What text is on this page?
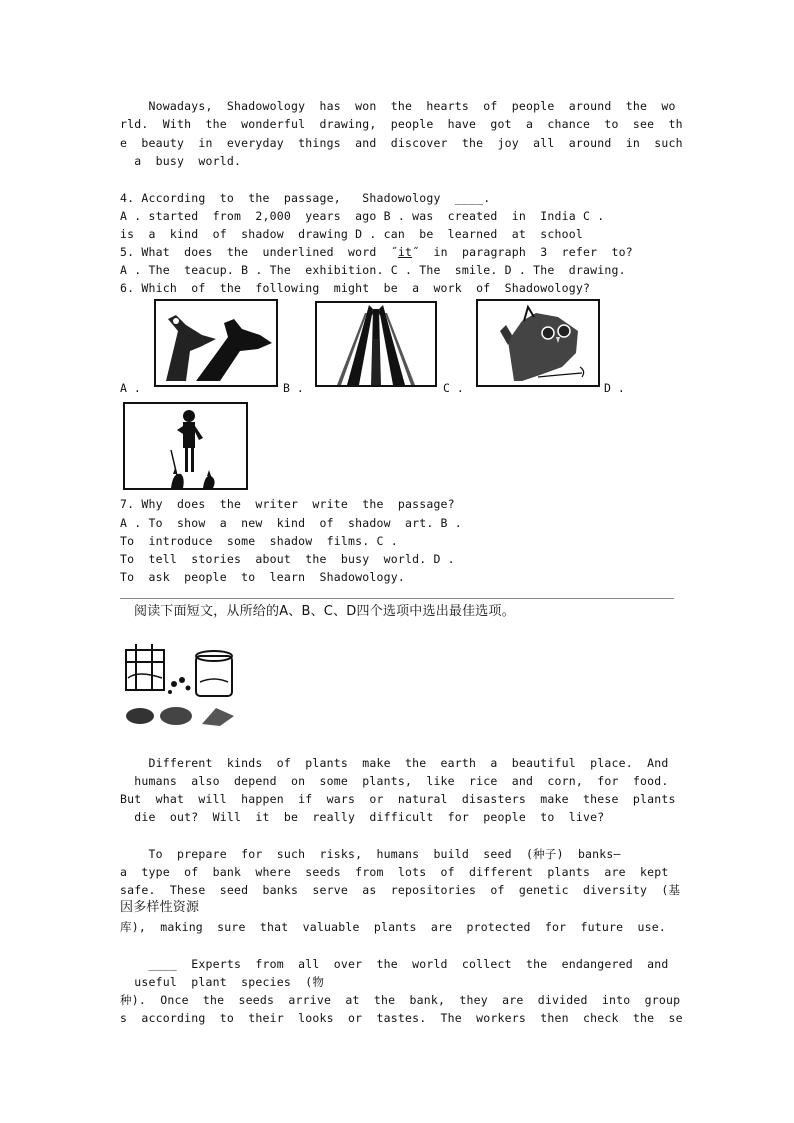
Nowadays,  Shadowology  has  won  the  hearts  of  people  around  the  wo
rld.  With  the  wonderful  drawing,  people  have  got  a  chance  to  see  th
e  beauty  in  everyday  things  and  discover  the  joy  all  around  in  such
a  busy  world.
4. According  to  the  passage,   Shadowology  ____.
A . started  from  2,000  years  ago B . was  created  in  India C .
is  a  kind  of  shadow  drawing D . can  be  learned  at  school
5. What  does  the  underlined  word  ˝it˝  in  paragraph  3  refer  to?
A . The  teacup. B . The  exhibition. C . The  smile. D . The  drawing.
6. Which  of  the  following  might  be  a  work  of  Shadowology?
A .	B .	C .	D .
7. Why  does  the  writer  write  the  passage?
A . To  show  a  new  kind  of  shadow  art. B .
To  introduce  some  shadow  films. C .
To  tell  stories  about  the  busy  world. D .
To  ask  people  to  learn  Shadowology.
阅读下面短文，从所给的A、B、C、D四个选项中选出最佳选项。
Different  kinds  of  plants  make  the  earth  a  beautiful  place.  And
humans  also  depend  on  some  plants,  like  rice  and  corn,  for  food.
But  what  will  happen  if  wars  or  natural  disasters  make  these  plants
die  out?  Will  it  be  really  difficult  for  people  to  live?
To  prepare  for  such  risks,  humans  build  seed  (种子)  banks—
a  type  of  bank  where  seeds  from  lots  of  different  plants  are  kept
safe.  These  seed  banks  serve  as  repositories  of  genetic  diversity  (基
因多样性资源
库),  making  sure  that  valuable  plants  are  protected  for  future  use.
____  Experts  from  all  over  the  world  collect  the  endangered  and
useful  plant  species  (物
种).  Once  the  seeds  arrive  at  the  bank,  they  are  divided  into  group
s  according  to  their  looks  or  tastes.  The  workers  then  check  the  se
